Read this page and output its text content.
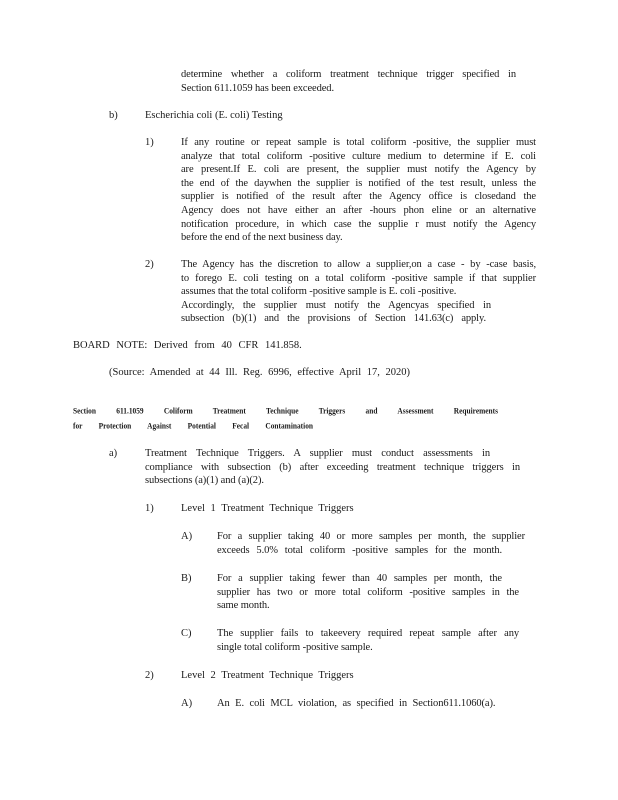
determine whether a coliform treatment technique trigger specified in
Section 611.1059 has been exceeded.
b)	Escherichia coli (E. coli) Testing
1)	If any routine or repeat sample is total coliform -positive, the supplier must
analyze that total coliform -positive culture medium to determine if E. coli
are present.If E. coli are present, the supplier must notify the Agency by
the end of the daywhen the supplier is notified of the test result, unless the
supplier is notified of the result after the Agency office is closedand the
Agency does not have either an after -hours phon eline or an alternative
notification procedure, in which case the supplie r must notify the Agency
before the end of the next business day.
2)	The Agency has the discretion to allow a supplier,on a case - by -case basis,
to forego E. coli testing on a total coliform -positive sample if that supplier
assumes that the total coliform -positive sample is E. coli -positive.
Accordingly, the supplier must notify the Agencyas specified in
subsection (b)(1) and the provisions of Section 141.63(c) apply.
BOARD NOTE: Derived from 40 CFR 141.858.
(Source: Amended at 44 Ill. Reg. 6996, effective April 17, 2020)
Section 611.1059 Coliform Treatment Technique Triggers and Assessment Requirements
for Protection Against Potential Fecal Contamination
a)	Treatment Technique Triggers. A supplier must conduct assessments in
compliance with subsection (b) after exceeding treatment technique triggers in
subsections (a)(1) and (a)(2).
1)	Level 1 Treatment Technique Triggers
A) For a supplier taking 40 or more samples per month, the supplier
exceeds 5.0% total coliform -positive samples for the month.
B) For a supplier taking fewer than 40 samples per month, the
supplier has two or more total coliform -positive samples in the
same month.
C) The supplier fails to takeevery required repeat sample after any
single total coliform -positive sample.
2)	Level 2 Treatment Technique Triggers
A) An E. coli MCL violation, as specified in Section611.1060(a).
